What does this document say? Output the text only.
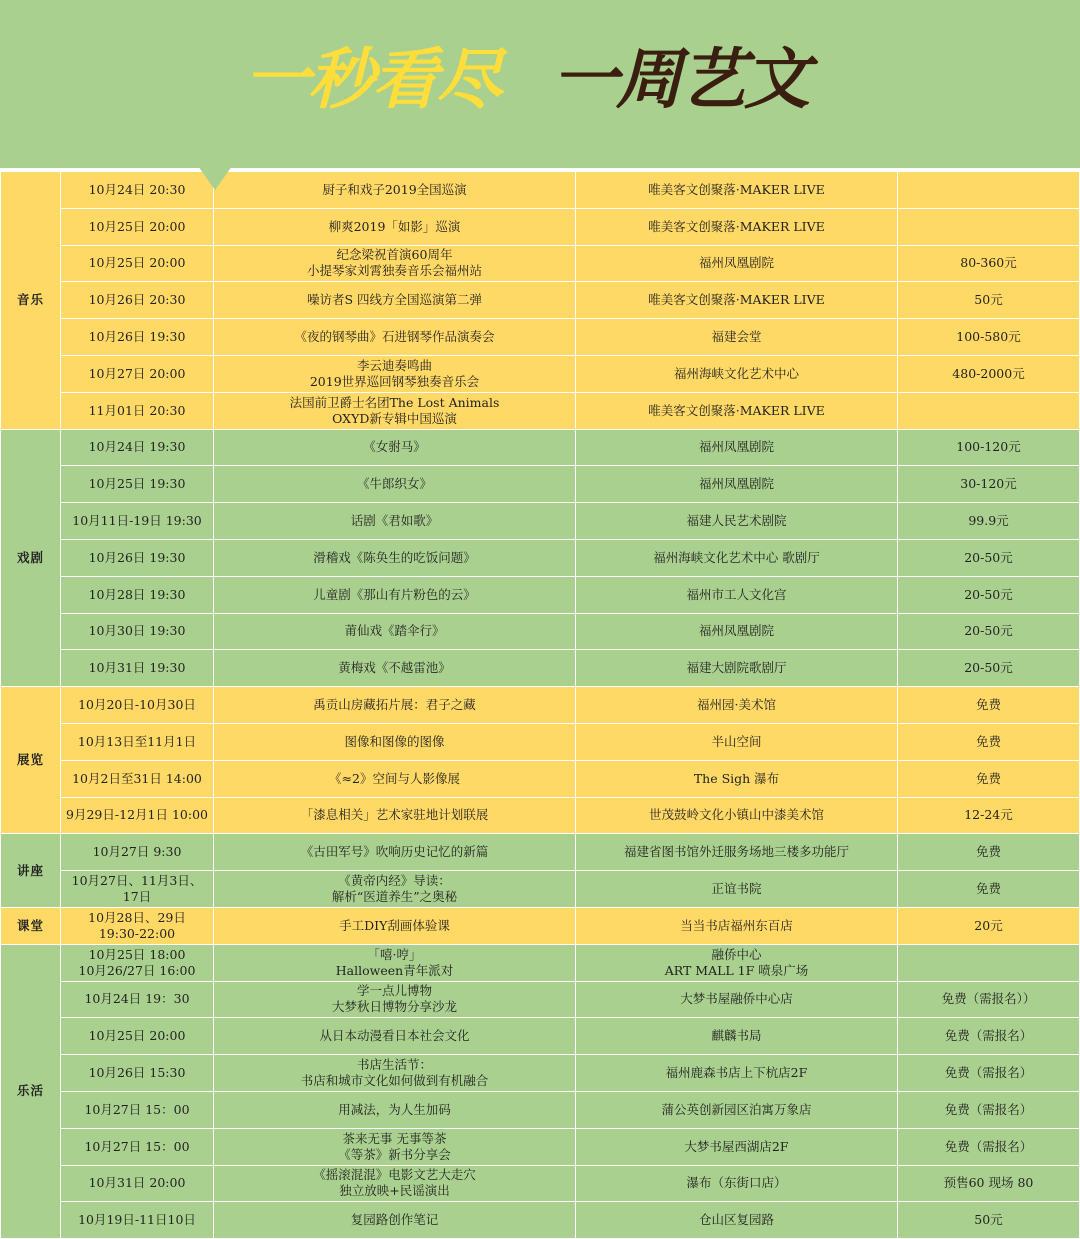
一秒看尽 一周艺文
音乐	10月24日 20:30	厨子和戏子2019全国巡演	唯美客文创聚落·MAKER LIVE	

	10月25日 20:00	柳爽2019「如影」巡演	唯美客文创聚落·MAKER LIVE	

	10月25日 20:00	纪念梁祝首演60周年
小提琴家刘霄独奏音乐会福州站	福州凤凰剧院	80-360元

	10月26日 20:30	噪访者S 四线方全国巡演第二弹	唯美客文创聚落·MAKER LIVE	50元

	10月26日 19:30	《夜的钢琴曲》石进钢琴作品演奏会	福建会堂	100-580元

	10月27日 20:00	李云迪奏鸣曲
2019世界巡回钢琴独奏音乐会	福州海峡文化艺术中心	480-2000元

	11月01日 20:30	法国前卫爵士名团The Lost Animals
OXYD新专辑中国巡演	唯美客文创聚落·MAKER LIVE	

戏剧	10月24日 19:30	《女驸马》	福州凤凰剧院	100-120元

	10月25日 19:30	《牛郎织女》	福州凤凰剧院	30-120元

	10月11日-19日 19:30	话剧《君如歌》	福建人民艺术剧院	99.9元

	10月26日 19:30	滑稽戏《陈奂生的吃饭问题》	福州海峡文化艺术中心 歌剧厅	20-50元

	10月28日 19:30	儿童剧《那山有片粉色的云》	福州市工人文化宫	20-50元

	10月30日 19:30	莆仙戏《踏伞行》	福州凤凰剧院	20-50元

	10月31日 19:30	黄梅戏《不越雷池》	福建大剧院歌剧厅	20-50元

展览	10月20日-10月30日	禹贡山房藏拓片展：君子之藏	福州园·美术馆	免费

	10月13日至11月1日	图像和图像的图像	半山空间	免费

	10月2日至31日 14:00	《≈2》空间与人影像展	The Sigh 瀑布	免费

	9月29日-12月1日 10:00	「漆息相关」艺术家驻地计划联展	世茂鼓岭文化小镇山中漆美术馆	12-24元

讲座	10月27日 9:30	《古田军号》吹响历史记忆的新篇	福建省图书馆外迁服务场地三楼多功能厅	免费

	10月27日、11月3日、
17日	《黄帝内经》导读：
解析“医道养生”之奥秘	正谊书院	免费

课堂	10月28日、29日
19:30-22:00	手工DIY刮画体验课	当当书店福州东百店	20元

乐活	10月25日 18:00
10月26/27日 16:00	「嘻·哼」
Halloween青年派对	融侨中心
ART MALL 1F 喷泉广场	

	10月24日 19：30	学一点儿博物
大梦秋日博物分享沙龙	大梦书屋融侨中心店	免费（需报名））

	10月25日 20:00	从日本动漫看日本社会文化	麒麟书局	免费（需报名）

	10月26日 15:30	书店生活节：
书店和城市文化如何做到有机融合	福州鹿森书店上下杭店2F	免费（需报名）

	10月27日 15：00	用减法，为人生加码	蒲公英创新园区泊寓万象店	免费（需报名）

	10月27日 15：00	茶来无事 无事等茶
《等茶》新书分享会	大梦书屋西湖店2F	免费（需报名）

	10月31日 20:00	《摇滚混混》电影文艺大走穴
独立放映+民谣演出	瀑布（东街口店）	预售60 现场 80

	10月19日-11日10日	复园路创作笔记	仓山区复园路	50元
